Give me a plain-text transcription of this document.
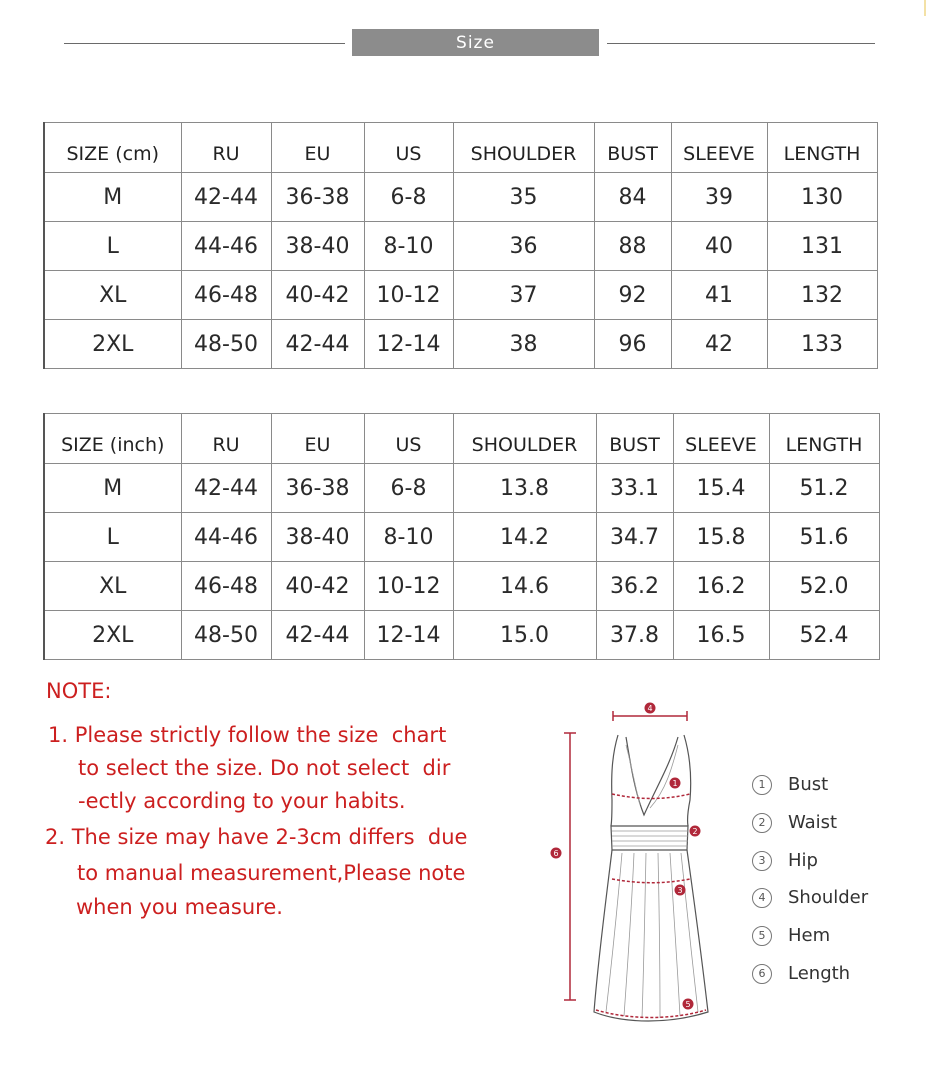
Size
SIZE (cm)	RU	EU	US	SHOULDER	BUST	SLEEVE	LENGTH
M	42-44	36-38	6-8	35	84	39	130
L	44-46	38-40	8-10	36	88	40	131
XL	46-48	40-42	10-12	37	92	41	132
2XL	48-50	42-44	12-14	38	96	42	133
SIZE (inch)	RU	EU	US	SHOULDER	BUST	SLEEVE	LENGTH
M	42-44	36-38	6-8	13.8	33.1	15.4	51.2
L	44-46	38-40	8-10	14.2	34.7	15.8	51.6
XL	46-48	40-42	10-12	14.6	36.2	16.2	52.0
2XL	48-50	42-44	12-14	15.0	37.8	16.5	52.4
NOTE:
1. Please strictly follow the size  chart
to select the size. Do not select  dir
-ectly according to your habits.
2. The size may have 2-3cm differs  due
to manual measurement,Please note
when you measure.
4
1
2
3
6
5
1	Bust
2	Waist
3	Hip
4	Shoulder
5	Hem
6	Length
